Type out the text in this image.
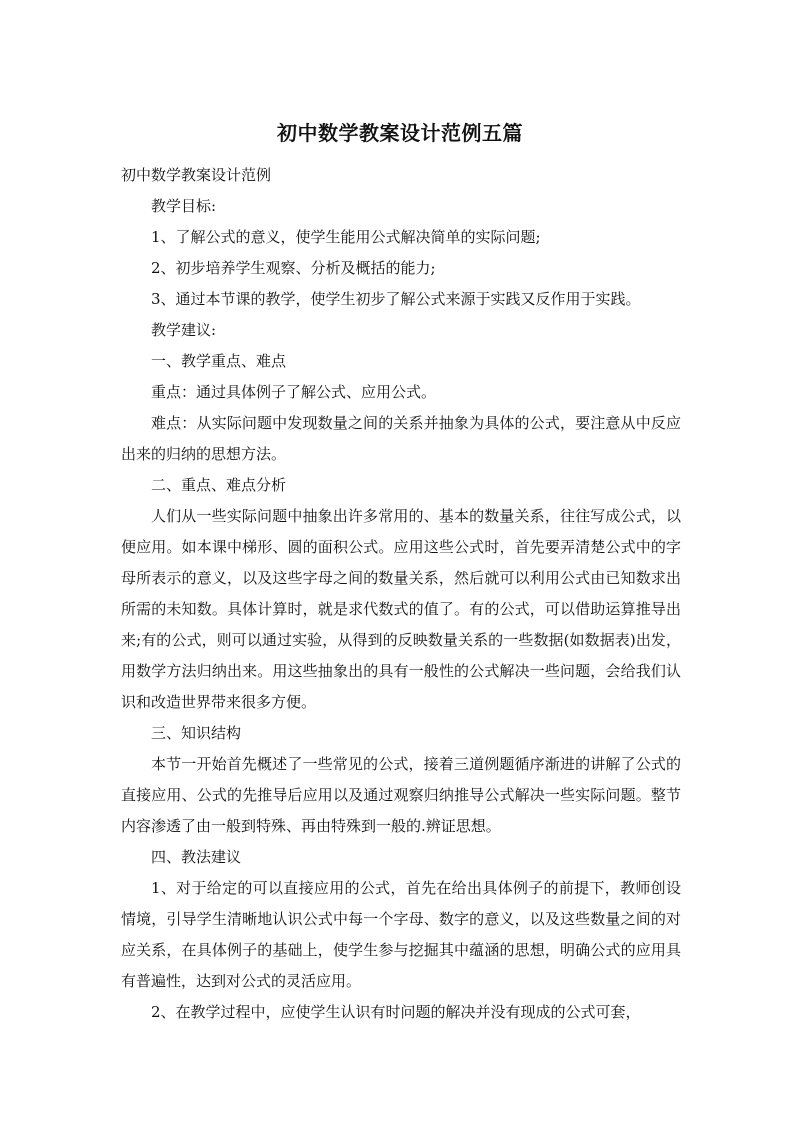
初中数学教案设计范例五篇

初中数学教案设计范例

教学目标:

1、了解公式的意义，使学生能用公式解决简单的实际问题;

2、初步培养学生观察、分析及概括的能力;

3、通过本节课的教学，使学生初步了解公式来源于实践又反作用于实践。

教学建议:

一、教学重点、难点

重点：通过具体例子了解公式、应用公式。

难点：从实际问题中发现数量之间的关系并抽象为具体的公式，要注意从中反应出来的归纳的思想方法。

二、重点、难点分析

人们从一些实际问题中抽象出许多常用的、基本的数量关系，往往写成公式，以便应用。如本课中梯形、圆的面积公式。应用这些公式时，首先要弄清楚公式中的字母所表示的意义，以及这些字母之间的数量关系，然后就可以利用公式由已知数求出所需的未知数。具体计算时，就是求代数式的值了。有的公式，可以借助运算推导出来;有的公式，则可以通过实验，从得到的反映数量关系的一些数据(如数据表)出发，用数学方法归纳出来。用这些抽象出的具有一般性的公式解决一些问题，会给我们认识和改造世界带来很多方便。

三、知识结构

本节一开始首先概述了一些常见的公式，接着三道例题循序渐进的讲解了公式的直接应用、公式的先推导后应用以及通过观察归纳推导公式解决一些实际问题。整节内容渗透了由一般到特殊、再由特殊到一般的.辨证思想。

四、教法建议

1、对于给定的可以直接应用的公式，首先在给出具体例子的前提下，教师创设情境，引导学生清晰地认识公式中每一个字母、数字的意义，以及这些数量之间的对应关系，在具体例子的基础上，使学生参与挖掘其中蕴涵的思想，明确公式的应用具有普遍性，达到对公式的灵活应用。

2、在教学过程中，应使学生认识有时问题的解决并没有现成的公式可套，
